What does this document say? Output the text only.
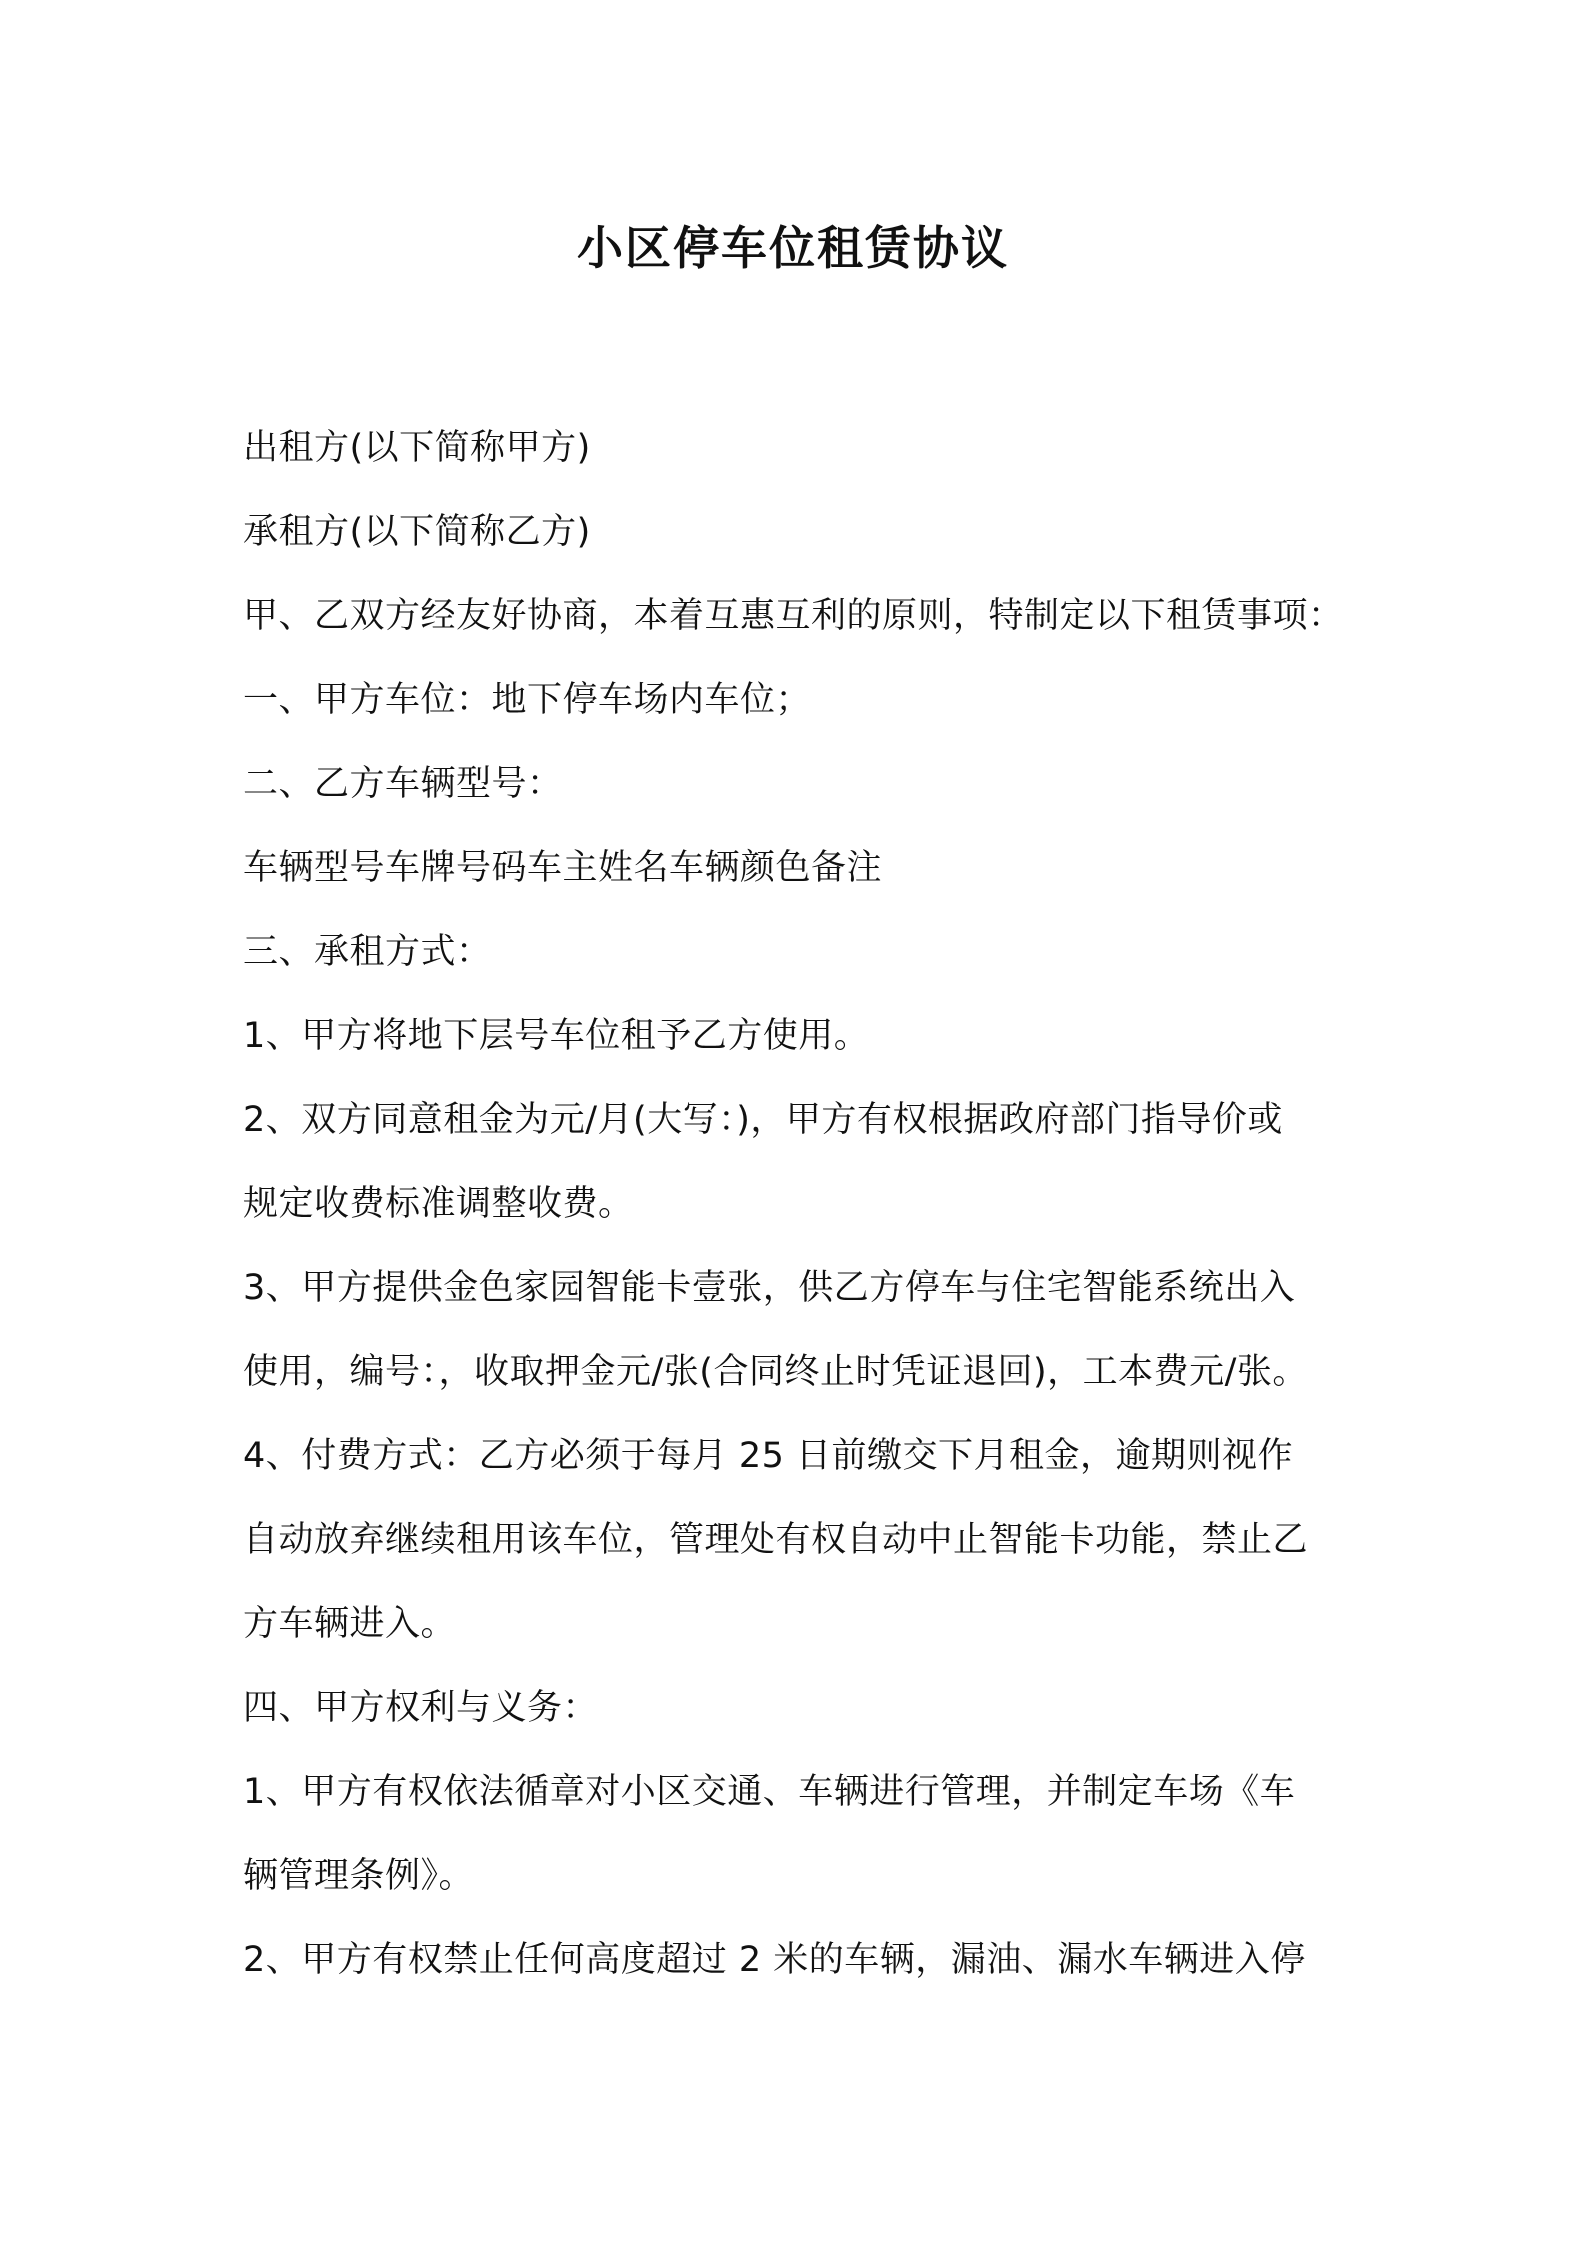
小区停车位租赁协议
出租方(以下简称甲方)
承租方(以下简称乙方)
甲、乙双方经友好协商，本着互惠互利的原则，特制定以下租赁事项：
一、甲方车位：地下停车场内车位；
二、乙方车辆型号：
车辆型号车牌号码车主姓名车辆颜色备注
三、承租方式：
1、甲方将地下层号车位租予乙方使用。
2、双方同意租金为元/月(大写：)，甲方有权根据政府部门指导价或
规定收费标准调整收费。
3、甲方提供金色家园智能卡壹张，供乙方停车与住宅智能系统出入
使用，编号：，收取押金元/张(合同终止时凭证退回)，工本费元/张。
4、付费方式：乙方必须于每月 25 日前缴交下月租金，逾期则视作
自动放弃继续租用该车位，管理处有权自动中止智能卡功能，禁止乙
方车辆进入。
四、甲方权利与义务：
1、甲方有权依法循章对小区交通、车辆进行管理，并制定车场《车
辆管理条例》。
2、甲方有权禁止任何高度超过 2 米的车辆，漏油、漏水车辆进入停
